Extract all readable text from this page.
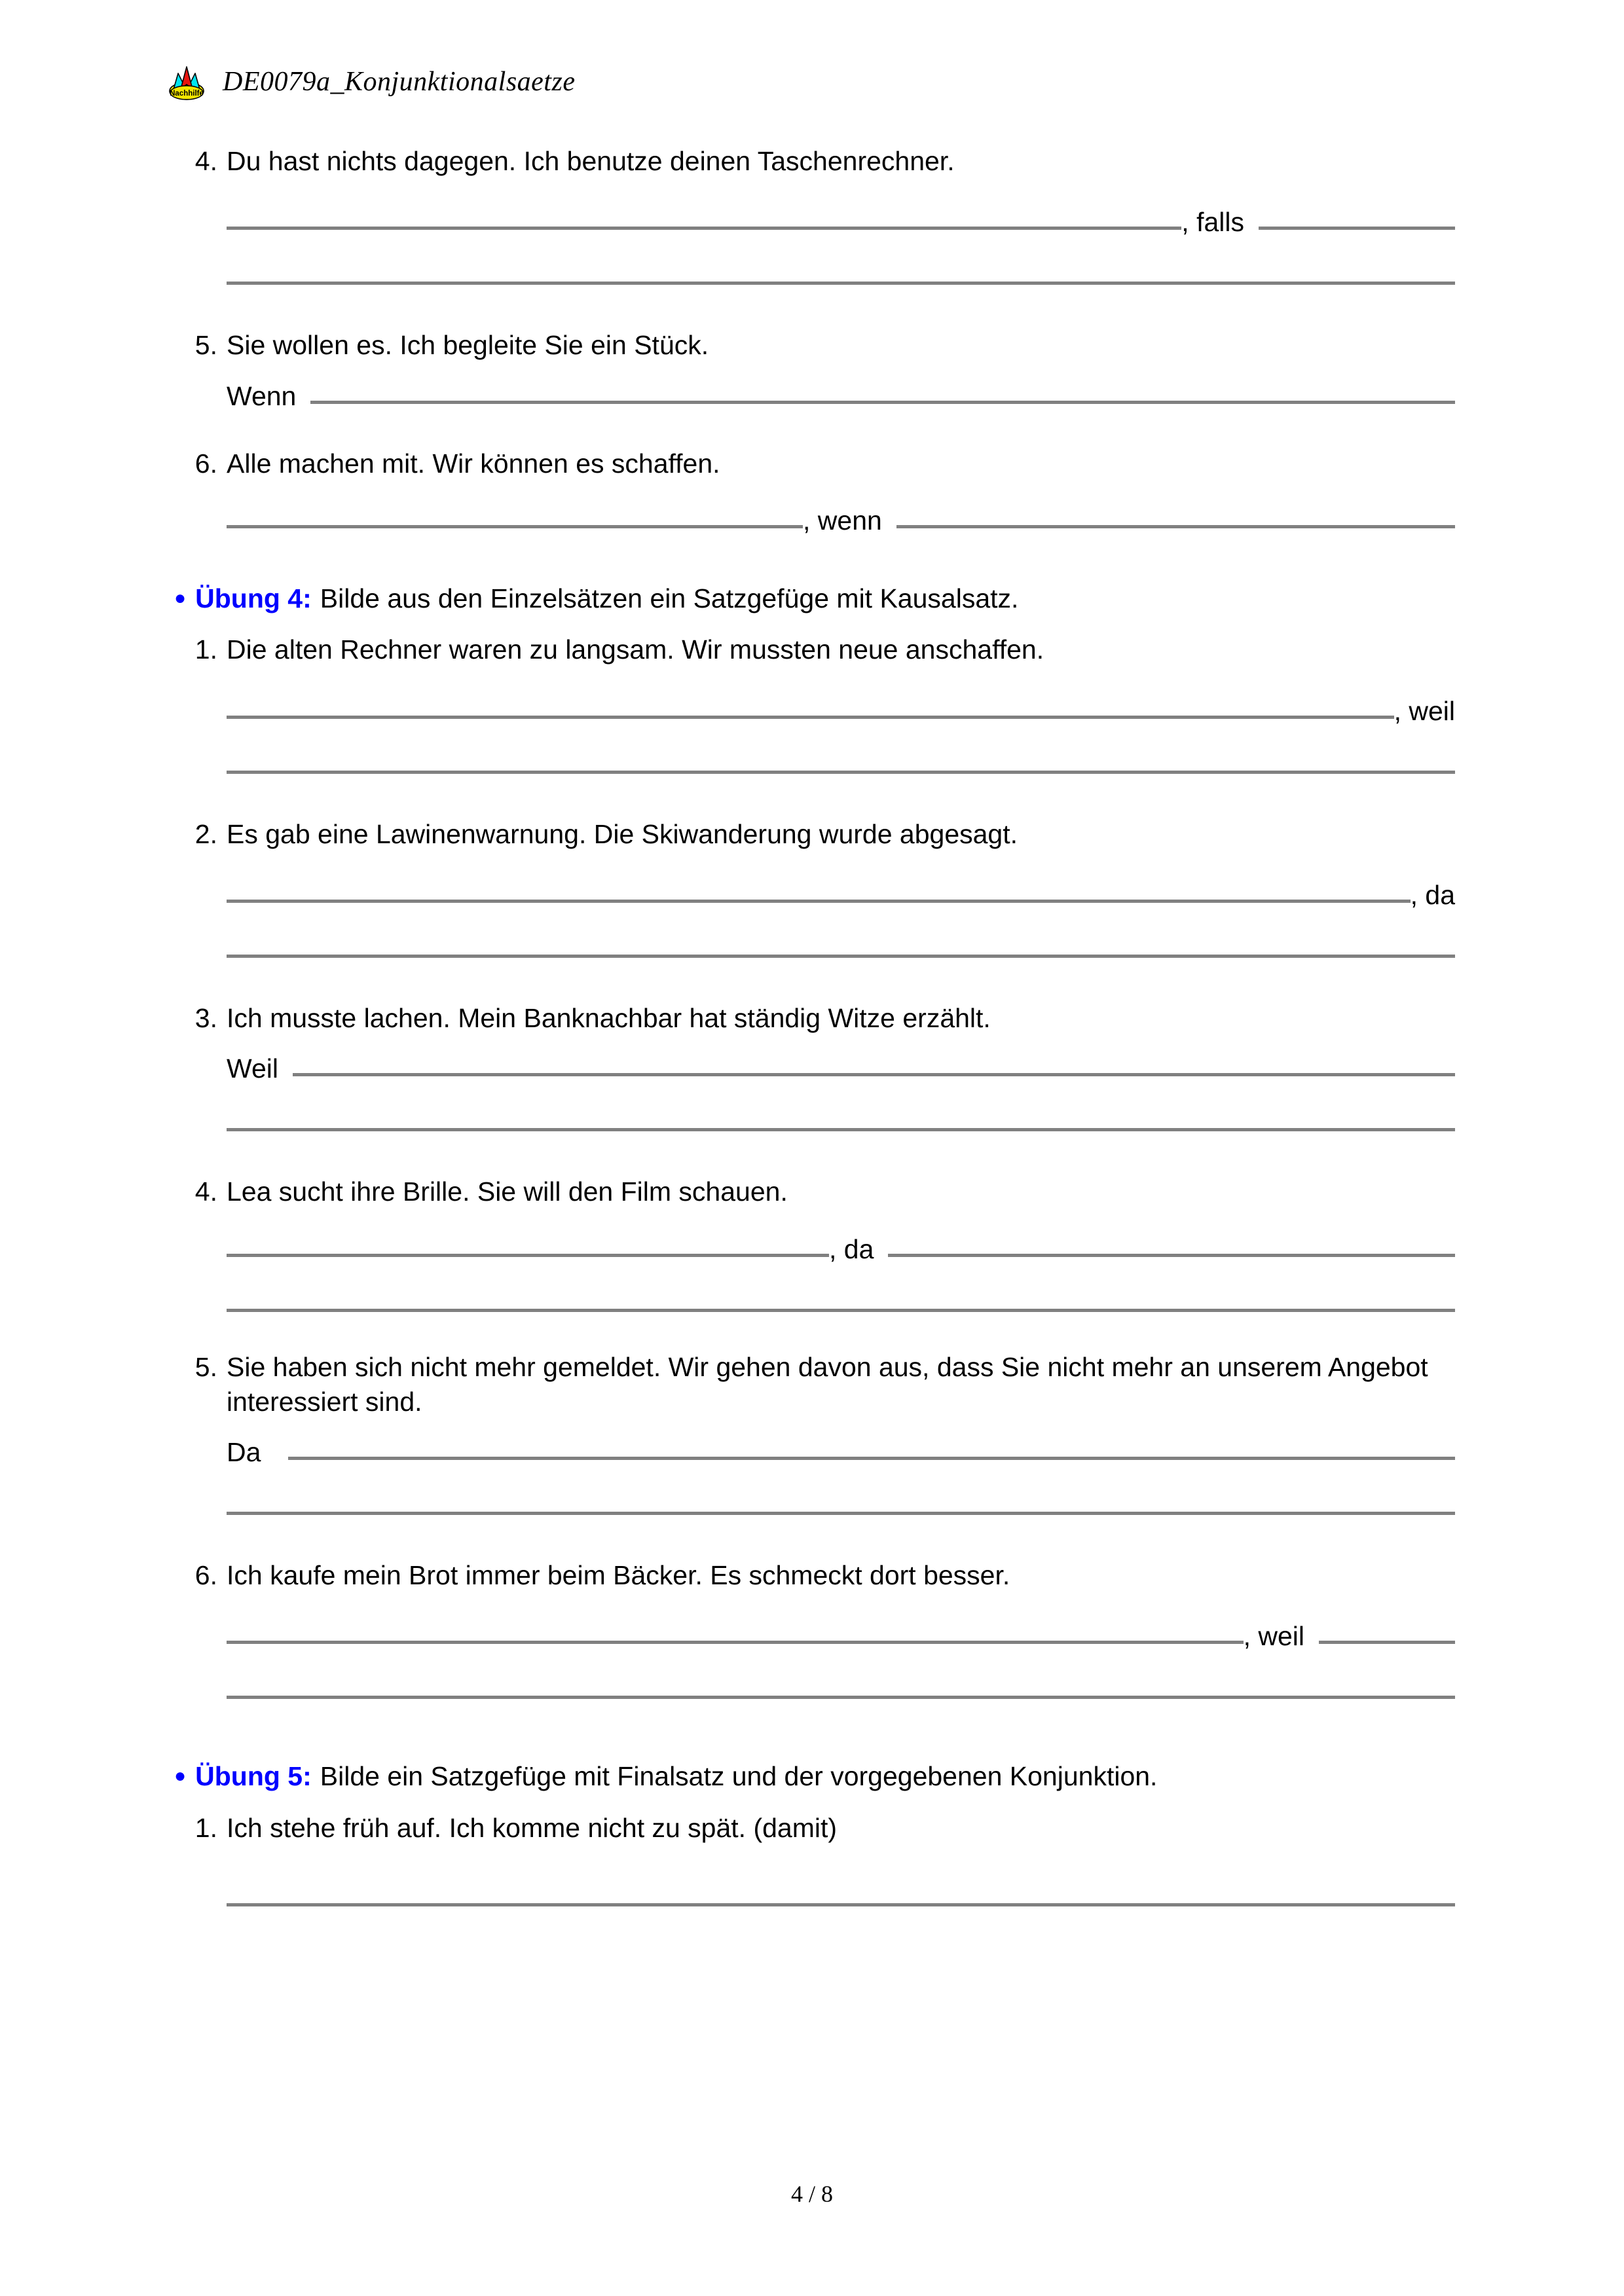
Nachhilfe DE0079a_Konjunktionalsaetze
4. Du hast nichts dagegen. Ich benutze deinen Taschenrechner.
, falls
5. Sie wollen es. Ich begleite Sie ein Stück.
Wenn
6. Alle machen mit. Wir können es schaffen.
, wenn
● Übung 4: Bilde aus den Einzelsätzen ein Satzgefüge mit Kausalsatz.
1. Die alten Rechner waren zu langsam. Wir mussten neue anschaffen.
, weil
2. Es gab eine Lawinenwarnung. Die Skiwanderung wurde abgesagt.
, da
3. Ich musste lachen. Mein Banknachbar hat ständig Witze erzählt.
Weil
4. Lea sucht ihre Brille. Sie will den Film schauen.
, da
5. Sie haben sich nicht mehr gemeldet. Wir gehen davon aus, dass Sie nicht mehr an unserem Angebot interessiert sind.
Da
6. Ich kaufe mein Brot immer beim Bäcker. Es schmeckt dort besser.
, weil
● Übung 5: Bilde ein Satzgefüge mit Finalsatz und der vorgegebenen Konjunktion.
1. Ich stehe früh auf. Ich komme nicht zu spät. (damit)
4 / 8
